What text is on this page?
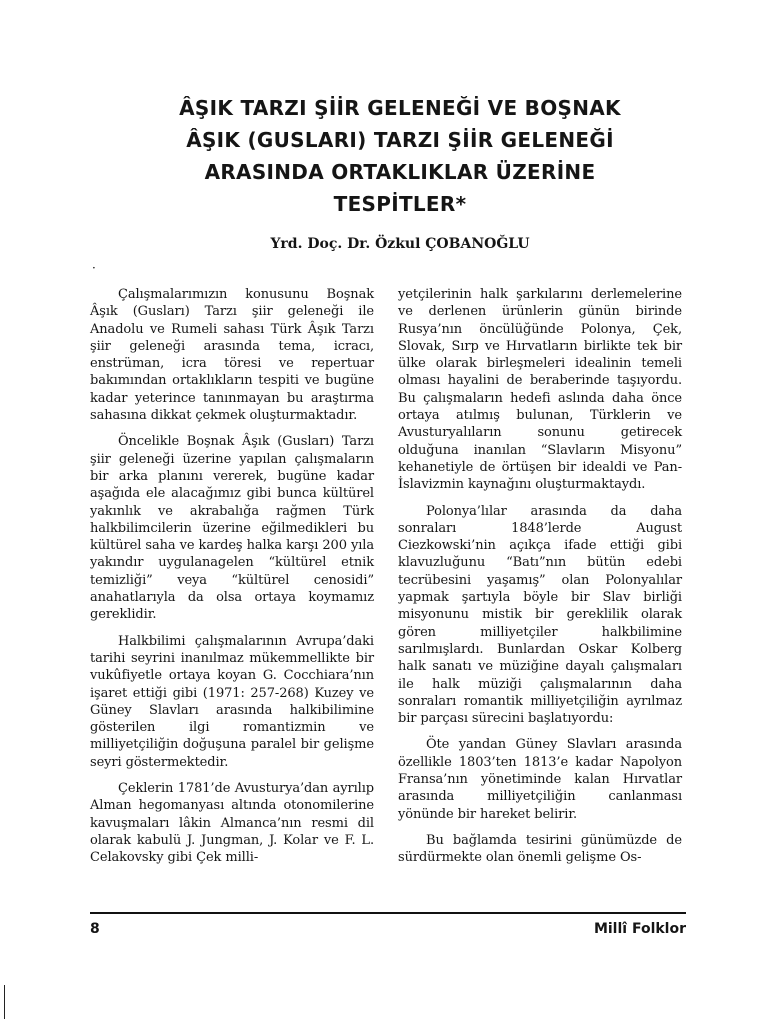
ÂŞIK TARZI ŞİİR GELENEĞİ VE BOŞNAK
ÂŞIK (GUSLARI) TARZI ŞİİR GELENEĞİ
ARASINDA ORTAKLIKLAR ÜZERİNE
TESPİTLER*
Yrd. Doç. Dr. Özkul ÇOBANOĞLU
·

Çalışmalarımızın konusunu Boşnak Âşık (Gusları) Tarzı şiir geleneği ile Anadolu ve Rumeli sahası Türk Âşık Tarzı şiir geleneği arasında tema, icracı, enstrüman, icra töresi ve repertuar bakımından ortaklıkların tespiti ve bugüne kadar yeterince tanınmayan bu araştırma sahasına dikkat çekmek oluşturmaktadır.

Öncelikle Boşnak Âşık (Gusları) Tarzı şiir geleneği üzerine yapılan çalışmaların bir arka planını vererek, bugüne kadar aşağıda ele alacağımız gibi bunca kültürel yakınlık ve akrabalığa rağmen Türk halkbilimcilerin üzerine eğilmedikleri bu kültürel saha ve kardeş halka karşı 200 yıla yakındır uygulanagelen “kültürel etnik temizliği” veya “kültürel cenosidi” anahatlarıyla da olsa ortaya koymamız gereklidir.

Halkbilimi çalışmalarının Avrupa’daki tarihi seyrini inanılmaz mükemmellikte bir vukûfiyetle ortaya koyan G. Cocchiara’nın işaret ettiği gibi (1971: 257-268) Kuzey ve Güney Slavları arasında halkibilimine gösterilen ilgi romantizmin ve milliyetçiliğin doğuşuna paralel bir gelişme seyri göstermektedir.

Çeklerin 1781’de Avusturya’dan ayrılıp Alman hegomanyası altında otonomilerine kavuşmaları lâkin Almanca’nın resmi dil olarak kabulü J. Jungman, J. Kolar ve F. L. Celakovsky gibi Çek milli-

yetçilerinin halk şarkılarını derlemelerine ve derlenen ürünlerin günün birinde Rusya’nın öncülüğünde Polonya, Çek, Slovak, Sırp ve Hırvatların birlikte tek bir ülke olarak birleşmeleri idealinin temeli olması hayalini de beraberinde taşıyordu. Bu çalışmaların hedefi aslında daha önce ortaya atılmış bulunan, Türklerin ve Avusturyalıların sonunu getirecek olduğuna inanılan “Slavların Misyonu” kehanetiyle de örtüşen bir idealdi ve Pan-İslavizmin kaynağını oluşturmaktaydı.

Polonya’lılar arasında da daha sonraları 1848’lerde August Ciezkowski’nin açıkça ifade ettiği gibi klavuzluğunu “Batı”nın bütün edebi tecrübesini yaşamış” olan Polonyalılar yapmak şartıyla böyle bir Slav birliği misyonunu mistik bir gereklilik olarak gören milliyetçiler halkbilimine sarılmışlardı. Bunlardan Oskar Kolberg halk sanatı ve müziğine dayalı çalışmaları ile halk müziği çalışmalarının daha sonraları romantik milliyetçiliğin ayrılmaz bir parçası sürecini başlatıyordu:

Öte yandan Güney Slavları arasında özellikle 1803’ten 1813’e kadar Napolyon Fransa’nın yönetiminde kalan Hırvatlar arasında milliyetçiliğin canlanması yönünde bir hareket belirir.

Bu bağlamda tesirini günümüzde de sürdürmekte olan önemli gelişme Os-

8	Millî Folklor
